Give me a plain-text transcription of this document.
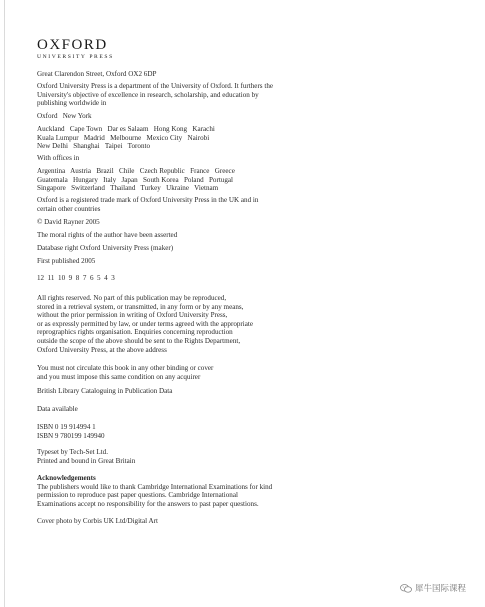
OXFORD
UNIVERSITY PRESS
Great Clarendon Street, Oxford OX2 6DP
Oxford University Press is a department of the University of Oxford. It furthers the
University's objective of excellence in research, scholarship, and education by
publishing worldwide in
Oxford   New York
Auckland   Cape Town   Dar es Salaam   Hong Kong   Karachi
Kuala Lumpur   Madrid   Melbourne   Mexico City   Nairobi
New Delhi   Shanghai   Taipei   Toronto
With offices in
Argentina   Austria   Brazil   Chile   Czech Republic   France   Greece
Guatemala   Hungary   Italy   Japan   South Korea   Poland   Portugal
Singapore   Switzerland   Thailand   Turkey   Ukraine   Vietnam
Oxford is a registered trade mark of Oxford University Press in the UK and in
certain other countries
© David Rayner 2005
The moral rights of the author have been asserted
Database right Oxford University Press (maker)
First published 2005
12  11  10  9  8  7  6  5  4  3
All rights reserved. No part of this publication may be reproduced,
stored in a retrieval system, or transmitted, in any form or by any means,
without the prior permission in writing of Oxford University Press,
or as expressly permitted by law, or under terms agreed with the appropriate
reprographics rights organisation. Enquiries concerning reproduction
outside the scope of the above should be sent to the Rights Department,
Oxford University Press, at the above address
You must not circulate this book in any other binding or cover
and you must impose this same condition on any acquirer
British Library Cataloguing in Publication Data
Data available
ISBN 0 19 914994 1
ISBN 9 780199 149940
Typeset by Tech-Set Ltd.
Printed and bound in Great Britain
Acknowledgements
The publishers would like to thank Cambridge International Examinations for kind
permission to reproduce past paper questions. Cambridge International
Examinations accept no responsibility for the answers to past paper questions.
Cover photo by Corbis UK Ltd/Digital Art
犀牛国际课程
